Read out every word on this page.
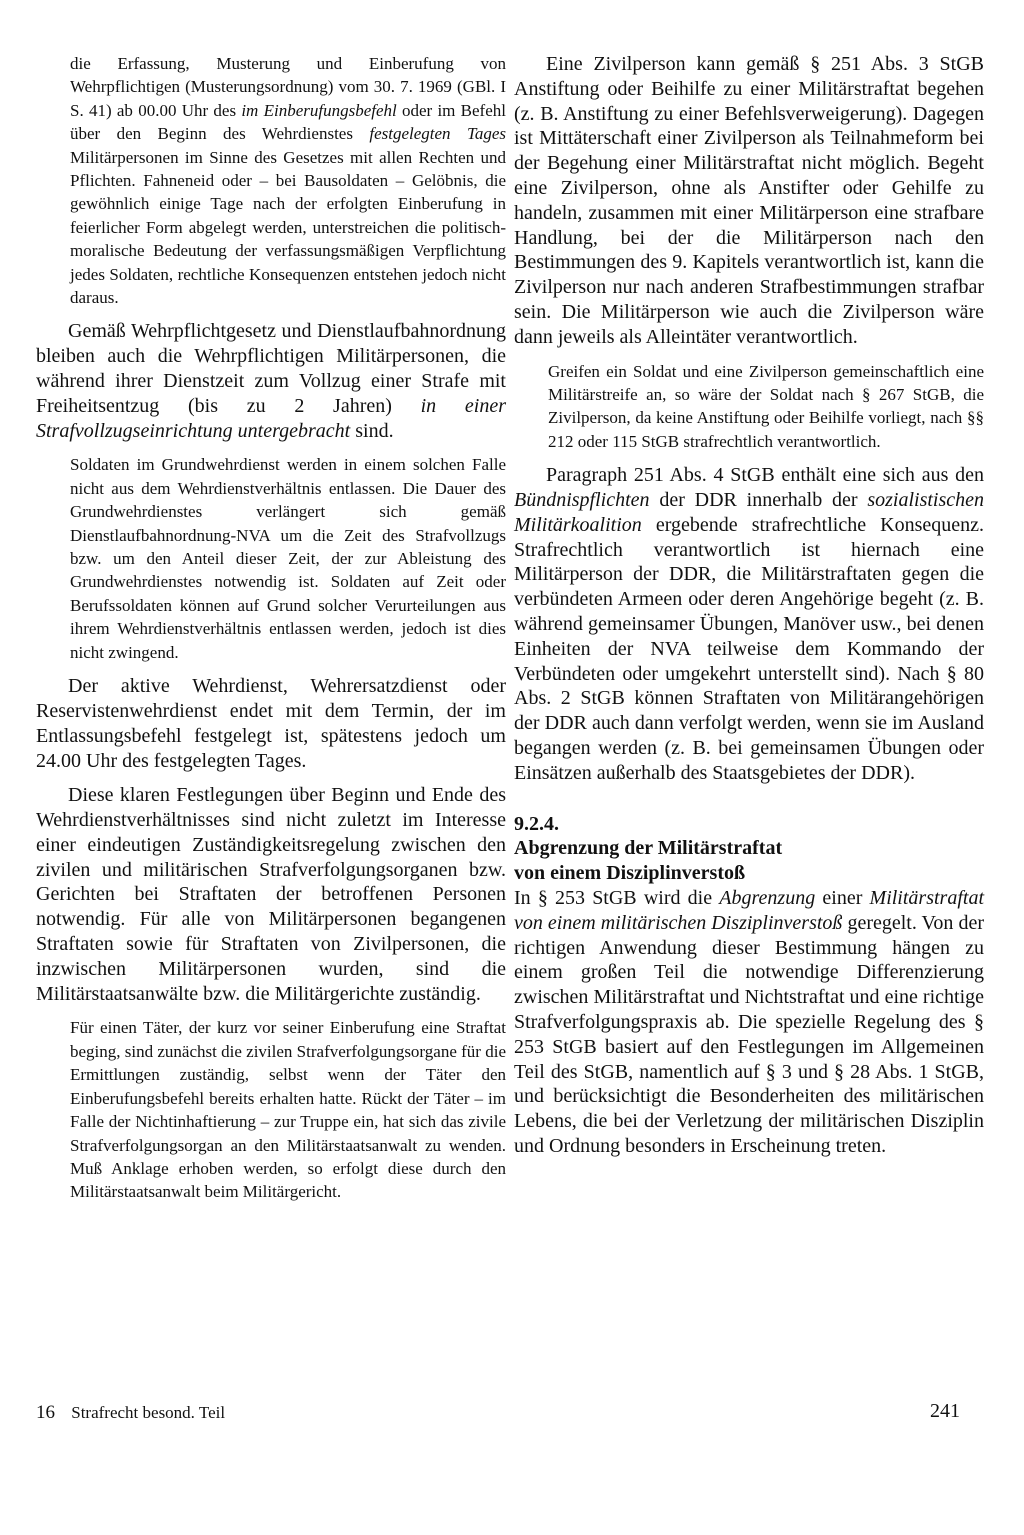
die Erfassung, Musterung und Einberufung von Wehrpflichtigen (Musterungsordnung) vom 30. 7. 1969 (GBl. I S. 41) ab 00.00 Uhr des im Einberufungsbefehl oder im Befehl über den Beginn des Wehrdienstes festgelegten Tages Militärpersonen im Sinne des Gesetzes mit allen Rechten und Pflichten. Fahneneid oder – bei Bausoldaten – Gelöbnis, die gewöhnlich einige Tage nach der erfolgten Einberufung in feierlicher Form abgelegt werden, unterstreichen die politisch-moralische Bedeutung der verfassungsmäßigen Verpflichtung jedes Soldaten, rechtliche Konsequenzen entstehen jedoch nicht daraus.

Gemäß Wehrpflichtgesetz und Dienstlaufbahnordnung bleiben auch die Wehrpflichtigen Militärpersonen, die während ihrer Dienstzeit zum Vollzug einer Strafe mit Freiheitsentzug (bis zu 2 Jahren) in einer Strafvollzugseinrichtung untergebracht sind.

Soldaten im Grundwehrdienst werden in einem solchen Falle nicht aus dem Wehrdienstverhältnis entlassen. Die Dauer des Grundwehrdienstes verlängert sich gemäß Dienstlaufbahnordnung-NVA um die Zeit des Strafvollzugs bzw. um den Anteil dieser Zeit, der zur Ableistung des Grundwehrdienstes notwendig ist. Soldaten auf Zeit oder Berufssoldaten können auf Grund solcher Verurteilungen aus ihrem Wehrdienstverhältnis entlassen werden, jedoch ist dies nicht zwingend.

Der aktive Wehrdienst, Wehrersatzdienst oder Reservistenwehrdienst endet mit dem Termin, der im Entlassungsbefehl festgelegt ist, spätestens jedoch um 24.00 Uhr des festgelegten Tages.

Diese klaren Festlegungen über Beginn und Ende des Wehrdienstverhältnisses sind nicht zuletzt im Interesse einer eindeutigen Zuständigkeitsregelung zwischen den zivilen und militärischen Strafverfolgungsorganen bzw. Gerichten bei Straftaten der betroffenen Personen notwendig. Für alle von Militärpersonen begangenen Straftaten sowie für Straftaten von Zivilpersonen, die inzwischen Militärpersonen wurden, sind die Militärstaatsanwälte bzw. die Militärgerichte zuständig.

Für einen Täter, der kurz vor seiner Einberufung eine Straftat beging, sind zunächst die zivilen Strafverfolgungsorgane für die Ermittlungen zuständig, selbst wenn der Täter den Einberufungsbefehl bereits erhalten hatte. Rückt der Täter – im Falle der Nichtinhaftierung – zur Truppe ein, hat sich das zivile Strafverfolgungsorgan an den Militärstaatsanwalt zu wenden. Muß Anklage erhoben werden, so erfolgt diese durch den Militärstaatsanwalt beim Militärgericht.

Eine Zivilperson kann gemäß § 251 Abs. 3 StGB Anstiftung oder Beihilfe zu einer Militärstraftat begehen (z. B. Anstiftung zu einer Befehlsverweigerung). Dagegen ist Mittäterschaft einer Zivilperson als Teilnahmeform bei der Begehung einer Militärstraftat nicht möglich. Begeht eine Zivilperson, ohne als Anstifter oder Gehilfe zu handeln, zusammen mit einer Militärperson eine strafbare Handlung, bei der die Militärperson nach den Bestimmungen des 9. Kapitels verantwortlich ist, kann die Zivilperson nur nach anderen Strafbestimmungen strafbar sein. Die Militärperson wie auch die Zivilperson wäre dann jeweils als Alleintäter verantwortlich.

Greifen ein Soldat und eine Zivilperson gemeinschaftlich eine Militärstreife an, so wäre der Soldat nach § 267 StGB, die Zivilperson, da keine Anstiftung oder Beihilfe vorliegt, nach §§ 212 oder 115 StGB strafrechtlich verantwortlich.

Paragraph 251 Abs. 4 StGB enthält eine sich aus den Bündnispflichten der DDR innerhalb der sozialistischen Militärkoalition ergebende strafrechtliche Konsequenz. Strafrechtlich verantwortlich ist hiernach eine Militärperson der DDR, die Militärstraftaten gegen die verbündeten Armeen oder deren Angehörige begeht (z. B. während gemeinsamer Übungen, Manöver usw., bei denen Einheiten der NVA teilweise dem Kommando der Verbündeten oder umgekehrt unterstellt sind). Nach § 80 Abs. 2 StGB können Straftaten von Militärangehörigen der DDR auch dann verfolgt werden, wenn sie im Ausland begangen werden (z. B. bei gemeinsamen Übungen oder Einsätzen außerhalb des Staatsgebietes der DDR).

9.2.4.

Abgrenzung der Militärstraftat

von einem Disziplinverstoß

In § 253 StGB wird die Abgrenzung einer Militärstraftat von einem militärischen Disziplinverstoß geregelt. Von der richtigen Anwendung dieser Bestimmung hängen zu einem großen Teil die notwendige Differenzierung zwischen Militärstraftat und Nichtstraftat und eine richtige Strafverfolgungspraxis ab. Die spezielle Regelung des § 253 StGB basiert auf den Festlegungen im Allgemeinen Teil des StGB, namentlich auf § 3 und § 28 Abs. 1 StGB, und berücksichtigt die Besonderheiten des militärischen Lebens, die bei der Verletzung der militärischen Disziplin und Ordnung besonders in Erscheinung treten.

16 Strafrecht besond. Teil	241
